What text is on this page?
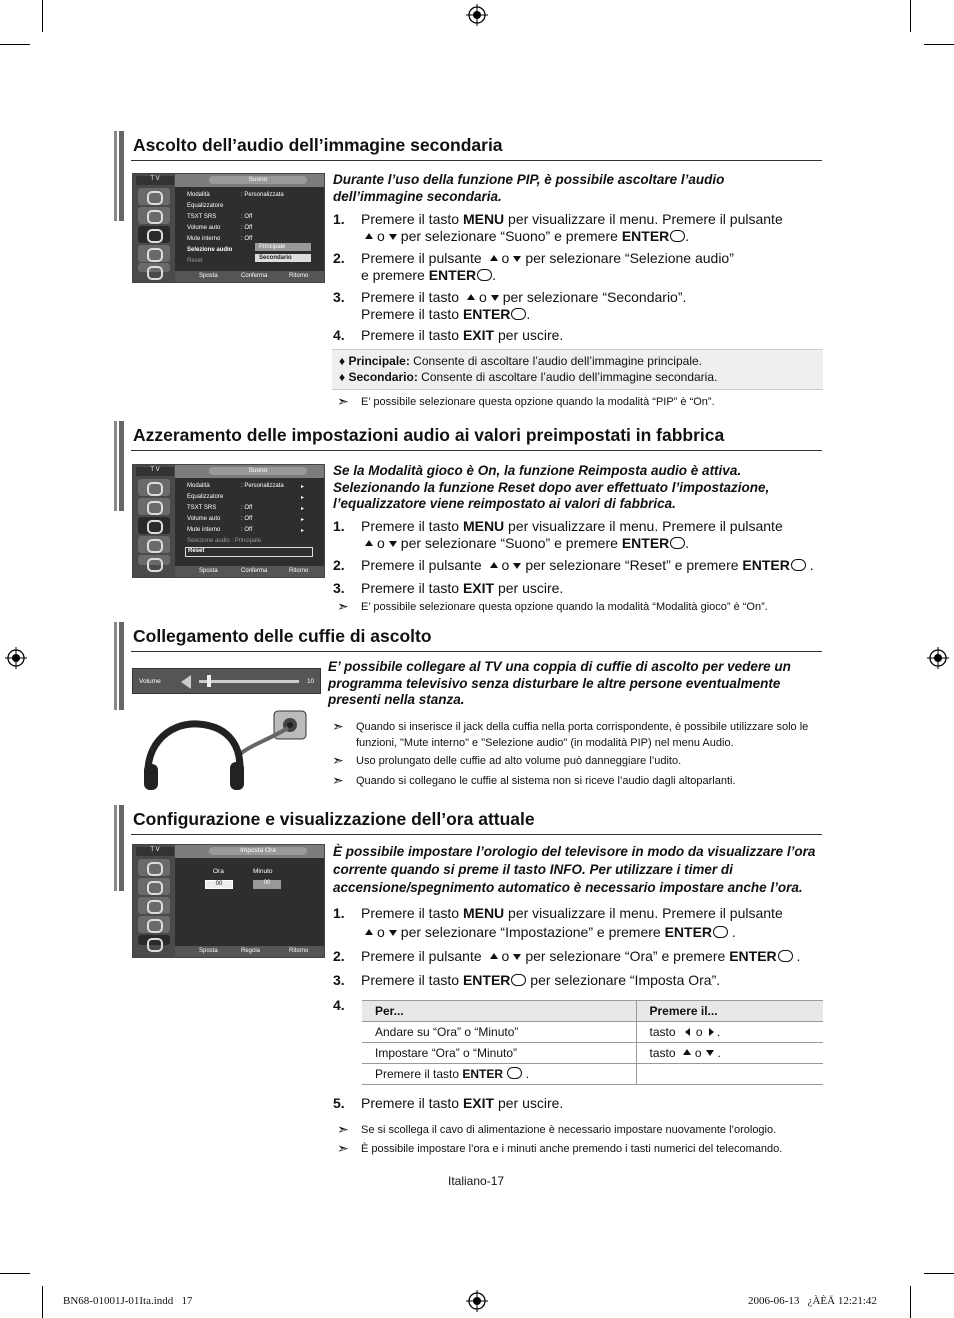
Ascolto dell’audio dell’immagine secondaria
T V	Suono
Modalità	: Personalizzata
Equalizzatore
TSXT SRS	: Off
Volume auto	: Off
Mute interno	: Off
Selezione audio
Reset
Principale
Secondario
Sposta	Conferma	Ritorno
Durante l’uso della funzione PIP, è possibile ascoltare l’audio dell’immagine secondaria.
1. Premere il tasto MENU per visualizzare il menu. Premere il pulsante
o per selezionare “Suono” e premere ENTER .
2. Premere il pulsante o per selezionare “Selezione audio”
e premere ENTER .
3. Premere il tasto o per selezionare “Secondario”.
Premere il tasto ENTER .
4. Premere il tasto EXIT per uscire.
♦ Principale: Consente di ascoltare l’audio dell’immagine principale.
♦ Secondario: Consente di ascoltare l’audio dell’immagine secondaria.
➣ E’ possibile selezionare questa opzione quando la modalità “PIP” è “On”.
Azzeramento delle impostazioni audio ai valori preimpostati in fabbrica
T V	Suono
Modalità	: Personalizzata	▸
Equalizzatore	▸
TSXT SRS	: Off	▸
Volume auto	: Off	▸
Mute interno	: Off	▸
Selezione audio : Principale
Reset
Sposta	Conferma	Ritorno
Se la Modalità gioco è On, la funzione Reimposta audio è attiva. Selezionando la funzione Reset dopo aver effettuato l’impostazione, l’equalizzatore viene reimpostato ai valori di fabbrica.
1. Premere il tasto MENU per visualizzare il menu. Premere il pulsante
o per selezionare “Suono” e premere ENTER .
2. Premere il pulsante o per selezionare “Reset” e premere ENTER .
3. Premere il tasto EXIT per uscire.
➣ E’ possibile selezionare questa opzione quando la modalità “Modalità gioco” è “On”.
Collegamento delle cuffie di ascolto
Volume	10
E’ possibile collegare al TV una coppia di cuffie di ascolto per vedere un programma televisivo senza disturbare le altre persone eventualmente presenti nella stanza.
➣ Quando si inserisce il jack della cuffia nella porta corrispondente, è possibile utilizzare solo le
funzioni, "Mute interno" e "Selezione audio" (in modalità PIP) nel menu Audio.
➣ Uso prolungato delle cuffie ad alto volume può danneggiare l’udito.
➣ Quando si collegano le cuffie al sistema non si riceve l’audio dagli altoparlanti.
Configurazione e visualizzazione dell’ora attuale
T V	Imposta Ora
Ora	Minuto
00	00
Sposta	Regola	Ritorno
È possibile impostare l’orologio del televisore in modo da visualizzare l’ora corrente quando si preme il tasto INFO. Per utilizzare i timer di accensione/spegnimento automatico è necessario impostare anche l’ora.
1. Premere il tasto MENU per visualizzare il menu. Premere il pulsante
o per selezionare “Impostazione” e premere ENTER .
2. Premere il pulsante o per selezionare “Ora” e premere ENTER .
3. Premere il tasto ENTER per selezionare “Imposta Ora”.
4.	Per...	Premere il...
Andare su “Ora” o “Minuto”	tasto o .
Impostare “Ora” o “Minuto”	tasto o .
Premere il tasto ENTER .	
5. Premere il tasto EXIT per uscire.
➣ Se si scollega il cavo di alimentazione è necessario impostare nuovamente l’orologio.
➣ È possibile impostare l’ora e i minuti anche premendo i tasti numerici del telecomando.
Italiano-17
BN68-01001J-01Ita.indd   17	2006-06-13   ¿ÀÈÄ 12:21:42
